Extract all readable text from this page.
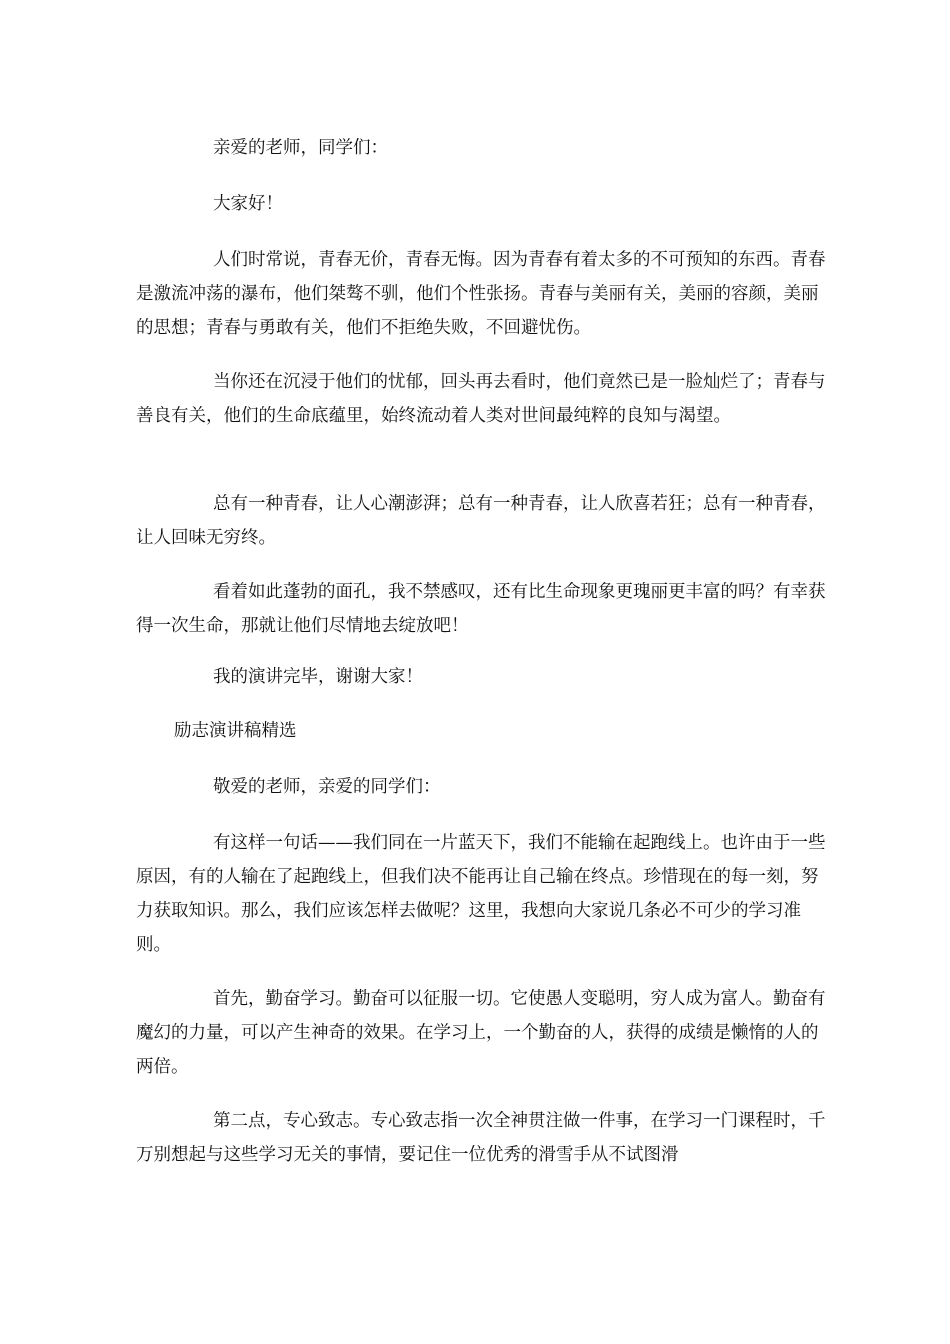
亲爱的老师，同学们：

大家好！

人们时常说，青春无价，青春无悔。因为青春有着太多的不可预知的东西。青春是激流冲荡的瀑布，他们桀骜不驯，他们个性张扬。青春与美丽有关，美丽的容颜，美丽的思想；青春与勇敢有关，他们不拒绝失败，不回避忧伤。

当你还在沉浸于他们的忧郁，回头再去看时，他们竟然已是一脸灿烂了；青春与善良有关，他们的生命底蕴里，始终流动着人类对世间最纯粹的良知与渴望。

总有一种青春，让人心潮澎湃；总有一种青春，让人欣喜若狂；总有一种青春，让人回味无穷终。

看着如此蓬勃的面孔，我不禁感叹，还有比生命现象更瑰丽更丰富的吗？有幸获得一次生命，那就让他们尽情地去绽放吧！

我的演讲完毕，谢谢大家！

励志演讲稿精选

敬爱的老师，亲爱的同学们：

有这样一句话——我们同在一片蓝天下，我们不能输在起跑线上。也许由于一些原因，有的人输在了起跑线上，但我们决不能再让自己输在终点。珍惜现在的每一刻，努力获取知识。那么，我们应该怎样去做呢？这里，我想向大家说几条必不可少的学习准则。

首先，勤奋学习。勤奋可以征服一切。它使愚人变聪明，穷人成为富人。勤奋有魔幻的力量，可以产生神奇的效果。在学习上，一个勤奋的人，获得的成绩是懒惰的人的两倍。

第二点，专心致志。专心致志指一次全神贯注做一件事，在学习一门课程时，千万别想起与这些学习无关的事情，要记住一位优秀的滑雪手从不试图滑
